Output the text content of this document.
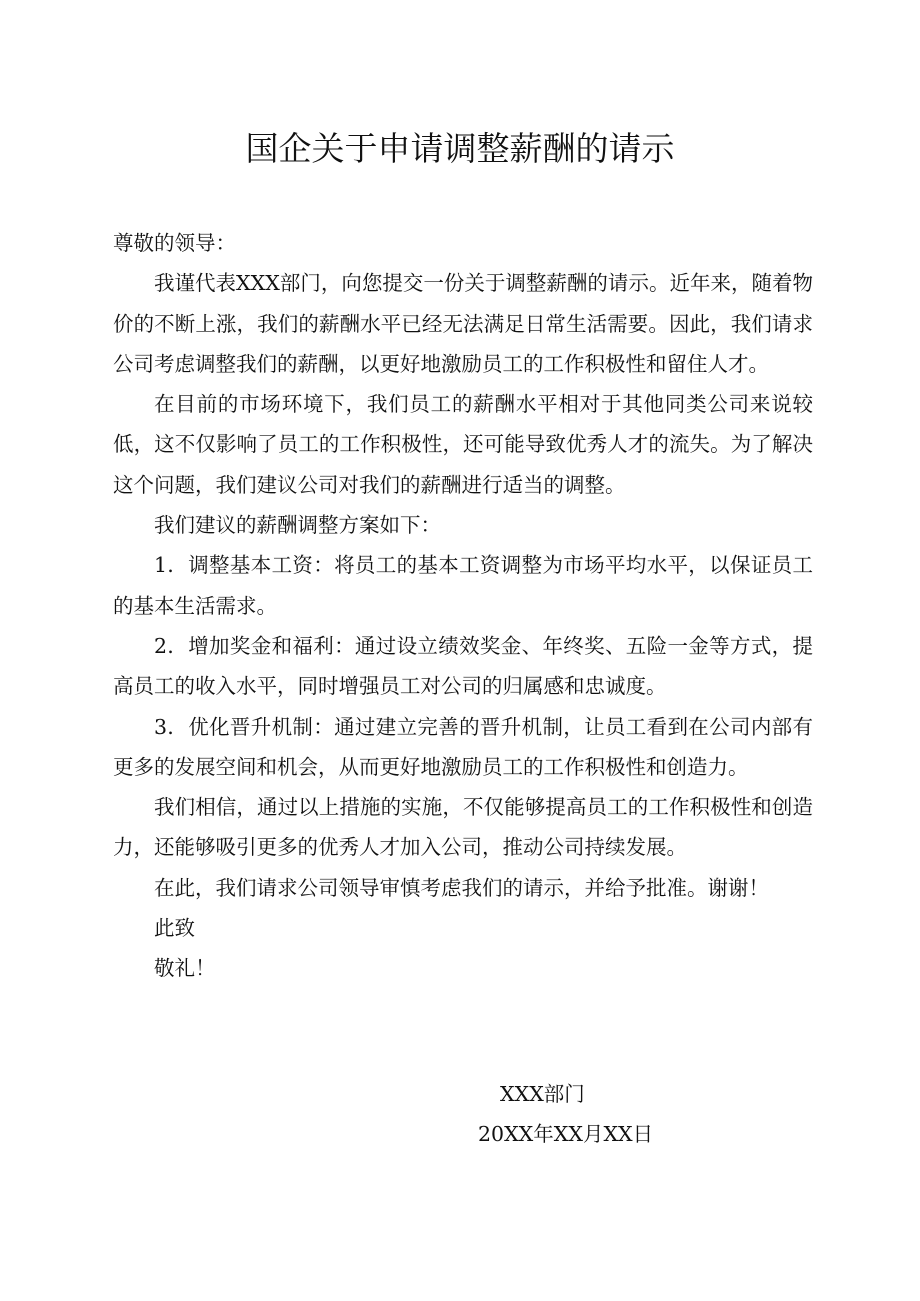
国企关于申请调整薪酬的请示

尊敬的领导：

我谨代表XXX部门，向您提交一份关于调整薪酬的请示。近年来，随着物价的不断上涨，我们的薪酬水平已经无法满足日常生活需要。因此，我们请求公司考虑调整我们的薪酬，以更好地激励员工的工作积极性和留住人才。

在目前的市场环境下，我们员工的薪酬水平相对于其他同类公司来说较低，这不仅影响了员工的工作积极性，还可能导致优秀人才的流失。为了解决这个问题，我们建议公司对我们的薪酬进行适当的调整。

我们建议的薪酬调整方案如下：

1．调整基本工资：将员工的基本工资调整为市场平均水平，以保证员工的基本生活需求。

2．增加奖金和福利：通过设立绩效奖金、年终奖、五险一金等方式，提高员工的收入水平，同时增强员工对公司的归属感和忠诚度。

3．优化晋升机制：通过建立完善的晋升机制，让员工看到在公司内部有更多的发展空间和机会，从而更好地激励员工的工作积极性和创造力。

我们相信，通过以上措施的实施，不仅能够提高员工的工作积极性和创造力，还能够吸引更多的优秀人才加入公司，推动公司持续发展。

在此，我们请求公司领导审慎考虑我们的请示，并给予批准。谢谢！

此致

敬礼！

XXX部门
20XX年XX月XX日
